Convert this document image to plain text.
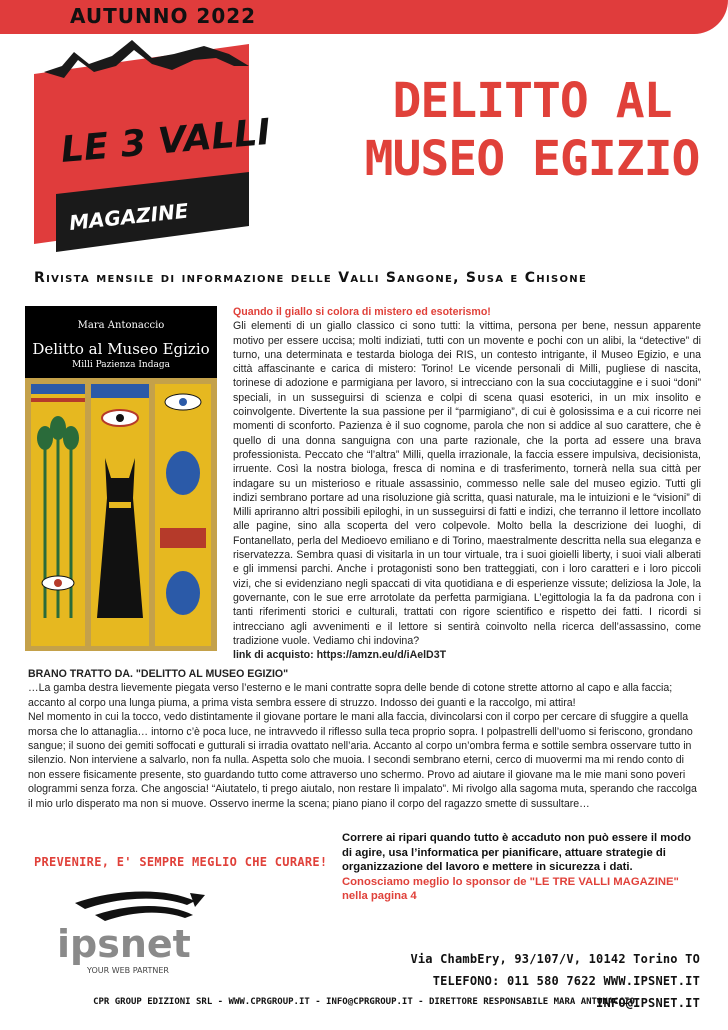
AUTUNNO 2022
LE 3 VALLI
MAGAZINE
DELITTO AL
MUSEO EGIZIO
Rivista mensile di informazione delle Valli Sangone, Susa e Chisone
Mara Antonaccio
Delitto al Museo Egizio
Milli Pazienza Indaga
Quando il giallo si colora di mistero ed esoterismo!
Gli elementi di un giallo classico ci sono tutti: la vittima, persona per bene, nessun apparente motivo per essere uccisa; molti indiziati, tutti con un movente e pochi con un alibi, la “detective” di turno, una determinata e testarda biologa dei RIS, un contesto intrigante, il Museo Egizio, e una città affascinante e carica di mistero: Torino! Le vicende personali di Milli, pugliese di nascita, torinese di adozione e parmigiana per lavoro, si intrecciano con la sua cocciutaggine e i suoi “doni” speciali, in un susseguirsi di scienza e colpi di scena quasi esoterici, in un mix insolito e coinvolgente. Divertente la sua passione per il “parmigiano”, di cui è golosissima e a cui ricorre nei momenti di sconforto. Pazienza è il suo cognome, parola che non si addice al suo carattere, che è quello di una donna sanguigna con una parte razionale, che la porta ad essere una brava professionista. Peccato che “l’altra” Milli, quella irrazionale, la faccia essere impulsiva, decisionista, irruente. Così la nostra biologa, fresca di nomina e di trasferimento, tornerà nella sua città per indagare su un misterioso e rituale assassinio, commesso nelle sale del museo egizio. Tutti gli indizi sembrano portare ad una risoluzione già scritta, quasi naturale, ma le intuizioni e le “visioni” di Milli apriranno altri possibili epiloghi, in un susseguirsi di fatti e indizi, che terranno il lettore incollato alle pagine, sino alla scoperta del vero colpevole. Molto bella la descrizione dei luoghi, di Fontanellato, perla del Medioevo emiliano e di Torino, maestralmente descritta nella sua eleganza e riservatezza. Sembra quasi di visitarla in un tour virtuale, tra i suoi gioielli liberty, i suoi viali alberati e gli immensi parchi. Anche i protagonisti sono ben tratteggiati, con i loro caratteri e i loro piccoli vizi, che si evidenziano negli spaccati di vita quotidiana e di esperienze vissute; deliziosa la Jole, la governante, con le sue erre arrotolate da perfetta parmigiana. L’egittologia la fa da padrona con i tanti riferimenti storici e culturali, trattati con rigore scientifico e rispetto dei fatti. I ricordi si intrecciano agli avvenimenti e il lettore si sentirà coinvolto nella ricerca dell’assassino, come tradizione vuole. Vediamo chi indovina?
link di acquisto: https://amzn.eu/d/iAelD3T
BRANO TRATTO DA. "DELITTO AL MUSEO EGIZIO"
…La gamba destra lievemente piegata verso l’esterno e le mani contratte sopra delle bende di cotone strette attorno al capo e alla faccia; accanto al corpo una lunga piuma, a prima vista sembra essere di struzzo. Indosso dei guanti e la raccolgo, mi attira!
Nel momento in cui la tocco, vedo distintamente il giovane portare le mani alla faccia, divincolarsi con il corpo per cercare di sfuggire a quella morsa che lo attanaglia… intorno c’è poca luce, ne intravvedo il riflesso sulla teca proprio sopra. I polpastrelli dell’uomo si feriscono, grondano sangue; il suono dei gemiti soffocati e gutturali si irradia ovattato nell’aria. Accanto al corpo un’ombra ferma e sottile sembra osservare tutto in silenzio. Non interviene a salvarlo, non fa nulla. Aspetta solo che muoia. I secondi sembrano eterni, cerco di muovermi ma mi rendo conto di non essere fisicamente presente, sto guardando tutto come attraverso uno schermo. Provo ad aiutare il giovane ma le mie mani sono poveri ologrammi senza forza. Che angoscia! “Aiutatelo, ti prego aiutalo, non restare lì impalato”. Mi rivolgo alla sagoma muta, sperando che raccolga il mio urlo disperato ma non si muove. Osservo inerme la scena; piano piano il corpo del ragazzo smette di sussultare…
PREVENIRE, E' SEMPRE MEGLIO CHE CURARE!
ipsnet
YOUR WEB PARTNER
Correre ai ripari quando tutto è accaduto non può essere il modo di agire, usa l’informatica per pianificare, attuare strategie di organizzazione del lavoro e mettere in sicurezza i dati.
Conosciamo meglio lo sponsor de "LE TRE VALLI MAGAZINE" nella pagina 4
Via ChambEry, 93/107/V, 10142 Torino TO
TELEFONO: 011 580 7622 WWW.IPSNET.IT INFO@IPSNET.IT
CPR GROUP EDIZIONI SRL - WWW.CPRGROUP.IT - INFO@CPRGROUP.IT - DIRETTORE RESPONSABILE MARA ANTONACCIO
